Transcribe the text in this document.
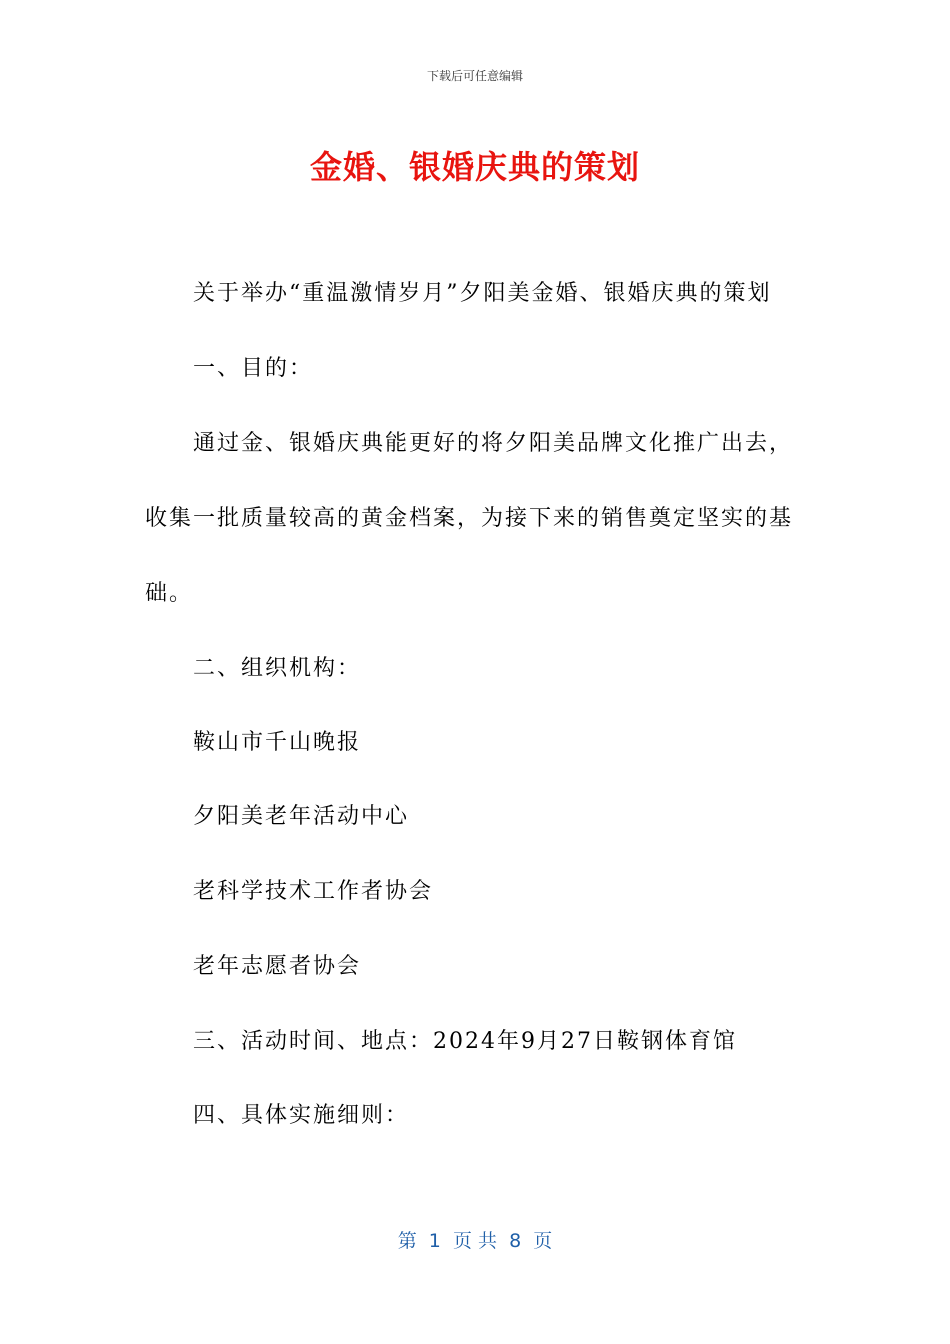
下载后可任意编辑
金婚、银婚庆典的策划
关于举办“重温激情岁月”夕阳美金婚、银婚庆典的策划
一、目的：
通过金、银婚庆典能更好的将夕阳美品牌文化推广出去，
收集一批质量较高的黄金档案，为接下来的销售奠定坚实的基
础。
二、组织机构：
鞍山市千山晚报
夕阳美老年活动中心
老科学技术工作者协会
老年志愿者协会
三、活动时间、地点：2024年9月27日鞍钢体育馆
四、具体实施细则：
第  1  页 共  8  页
